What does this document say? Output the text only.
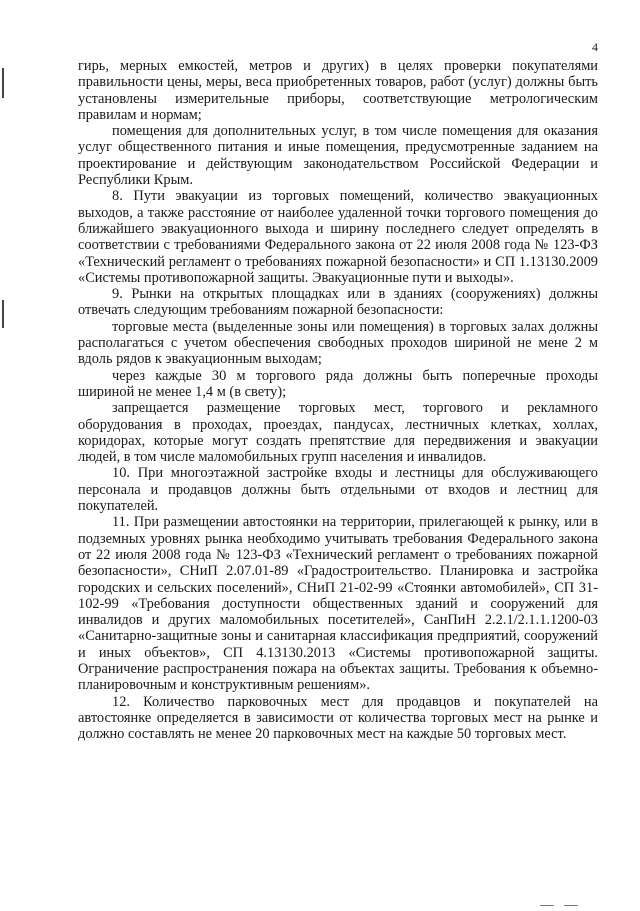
4

гирь, мерных емкостей, метров и других) в целях проверки покупателями правильности цены, меры, веса приобретенных товаров, работ (услуг) должны быть установлены измерительные приборы, соответствующие метрологическим правилам и нормам;

помещения для дополнительных услуг, в том числе помещения для оказания услуг общественного питания и иные помещения, предусмотренные заданием на проектирование и действующим законодательством Российской Федерации и Республики Крым.

8. Пути эвакуации из торговых помещений, количество эвакуационных выходов, а также расстояние от наиболее удаленной точки торгового помещения до ближайшего эвакуационного выхода и ширину последнего следует определять в соответствии с требованиями Федерального закона от 22 июля 2008 года № 123-ФЗ «Технический регламент о требованиях пожарной безопасности» и СП 1.13130.2009 «Системы противопожарной защиты. Эвакуационные пути и выходы».

9. Рынки на открытых площадках или в зданиях (сооружениях) должны отвечать следующим требованиям пожарной безопасности:

торговые места (выделенные зоны или помещения) в торговых залах должны располагаться с учетом обеспечения свободных проходов шириной не мене 2 м вдоль рядов к эвакуационным выходам;

через каждые 30 м торгового ряда должны быть поперечные проходы шириной не менее 1,4 м (в свету);

запрещается размещение торговых мест, торгового и рекламного оборудования в проходах, проездах, пандусах, лестничных клетках, холлах, коридорах, которые могут создать препятствие для передвижения и эвакуации людей, в том числе маломобильных групп населения и инвалидов.

10. При многоэтажной застройке входы и лестницы для обслуживающего персонала и продавцов должны быть отдельными от входов и лестниц для покупателей.

11. При размещении автостоянки на территории, прилегающей к рынку, или в подземных уровнях рынка необходимо учитывать требования Федерального закона от 22 июля 2008 года № 123-ФЗ «Технический регламент о требованиях пожарной безопасности», СНиП 2.07.01-89 «Градостроительство. Планировка и застройка городских и сельских поселений», СНиП 21-02-99 «Стоянки автомобилей», СП 31-102-99 «Требования доступности общественных зданий и сооружений для инвалидов и других маломобильных посетителей», СанПиН 2.2.1/2.1.1.1200-03 «Санитарно-защитные зоны и санитарная классификация предприятий, сооружений и иных объектов», СП 4.13130.2013 «Системы противопожарной защиты. Ограничение распространения пожара на объектах защиты. Требования к объемно-планировочным и конструктивным решениям».

12. Количество парковочных мест для продавцов и покупателей на автостоянке определяется в зависимости от количества торговых мест на рынке и должно составлять не менее 20 парковочных мест на каждые 50 торговых мест.
